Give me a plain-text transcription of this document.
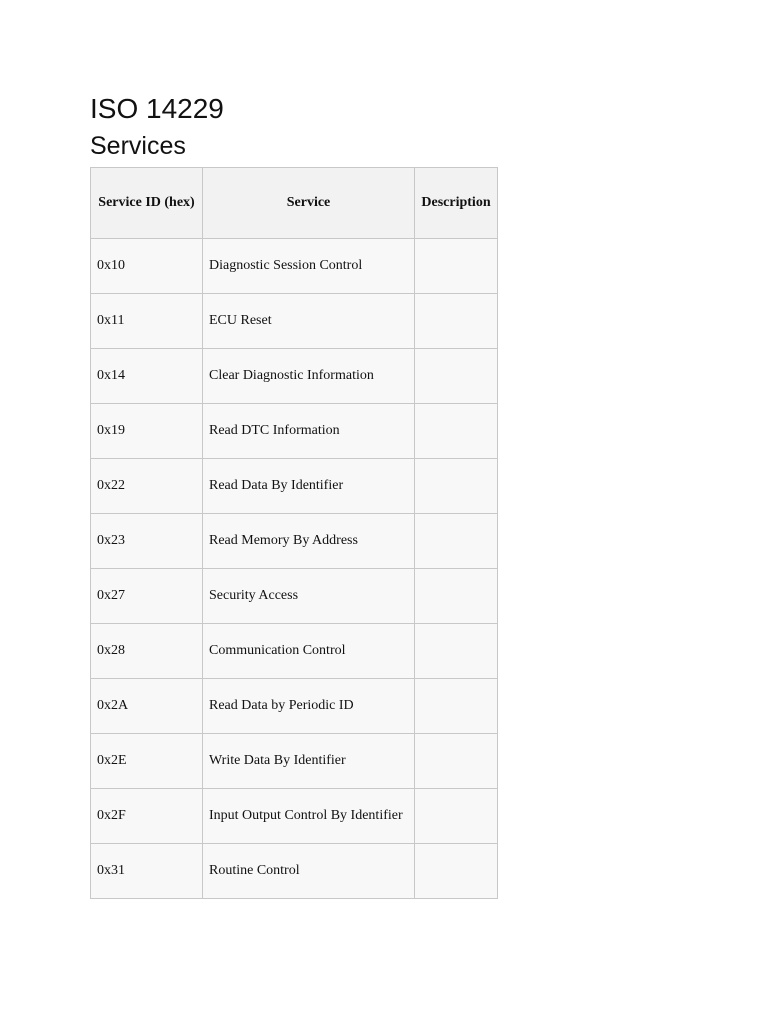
ISO 14229
Services
Service ID (hex)	Service	Description
0x10	Diagnostic Session Control	
0x11	ECU Reset	
0x14	Clear Diagnostic Information	
0x19	Read DTC Information	
0x22	Read Data By Identifier	
0x23	Read Memory By Address	
0x27	Security Access	
0x28	Communication Control	
0x2A	Read Data by Periodic ID	
0x2E	Write Data By Identifier	
0x2F	Input Output Control By Identifier	
0x31	Routine Control	
